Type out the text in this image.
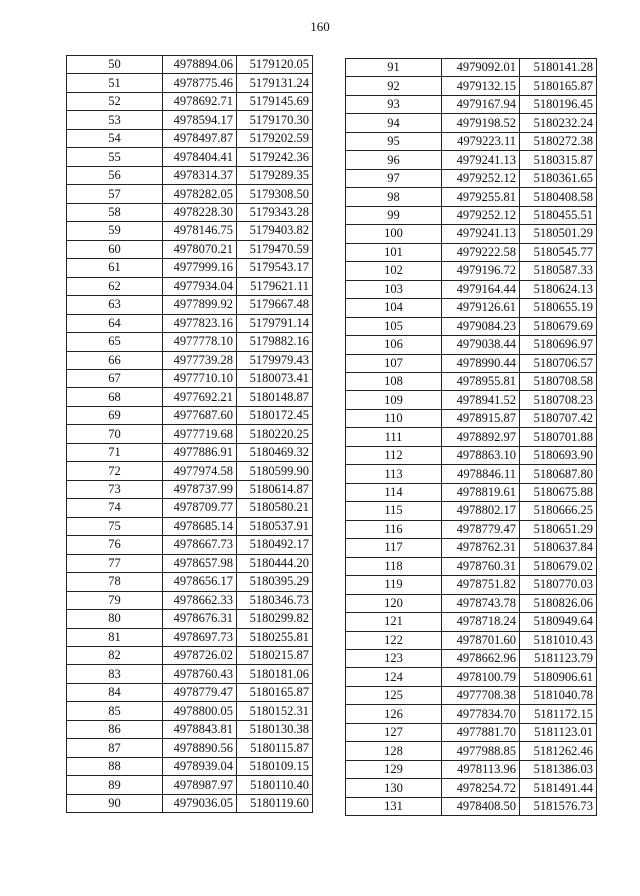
160
50	4978894.06	5179120.05
51	4978775.46	5179131.24
52	4978692.71	5179145.69
53	4978594.17	5179170.30
54	4978497.87	5179202.59
55	4978404.41	5179242.36
56	4978314.37	5179289.35
57	4978282.05	5179308.50
58	4978228.30	5179343.28
59	4978146.75	5179403.82
60	4978070.21	5179470.59
61	4977999.16	5179543.17
62	4977934.04	5179621.11
63	4977899.92	5179667.48
64	4977823.16	5179791.14
65	4977778.10	5179882.16
66	4977739.28	5179979.43
67	4977710.10	5180073.41
68	4977692.21	5180148.87
69	4977687.60	5180172.45
70	4977719.68	5180220.25
71	4977886.91	5180469.32
72	4977974.58	5180599.90
73	4978737.99	5180614.87
74	4978709.77	5180580.21
75	4978685.14	5180537.91
76	4978667.73	5180492.17
77	4978657.98	5180444.20
78	4978656.17	5180395.29
79	4978662.33	5180346.73
80	4978676.31	5180299.82
81	4978697.73	5180255.81
82	4978726.02	5180215.87
83	4978760.43	5180181.06
84	4978779.47	5180165.87
85	4978800.05	5180152.31
86	4978843.81	5180130.38
87	4978890.56	5180115.87
88	4978939.04	5180109.15
89	4978987.97	5180110.40
90	4979036.05	5180119.60
91	4979092.01	5180141.28
92	4979132.15	5180165.87
93	4979167.94	5180196.45
94	4979198.52	5180232.24
95	4979223.11	5180272.38
96	4979241.13	5180315.87
97	4979252.12	5180361.65
98	4979255.81	5180408.58
99	4979252.12	5180455.51
100	4979241.13	5180501.29
101	4979222.58	5180545.77
102	4979196.72	5180587.33
103	4979164.44	5180624.13
104	4979126.61	5180655.19
105	4979084.23	5180679.69
106	4979038.44	5180696.97
107	4978990.44	5180706.57
108	4978955.81	5180708.58
109	4978941.52	5180708.23
110	4978915.87	5180707.42
111	4978892.97	5180701.88
112	4978863.10	5180693.90
113	4978846.11	5180687.80
114	4978819.61	5180675.88
115	4978802.17	5180666.25
116	4978779.47	5180651.29
117	4978762.31	5180637.84
118	4978760.31	5180679.02
119	4978751.82	5180770.03
120	4978743.78	5180826.06
121	4978718.24	5180949.64
122	4978701.60	5181010.43
123	4978662.96	5181123.79
124	4978100.79	5180906.61
125	4977708.38	5181040.78
126	4977834.70	5181172.15
127	4977881.70	5181123.01
128	4977988.85	5181262.46
129	4978113.96	5181386.03
130	4978254.72	5181491.44
131	4978408.50	5181576.73
